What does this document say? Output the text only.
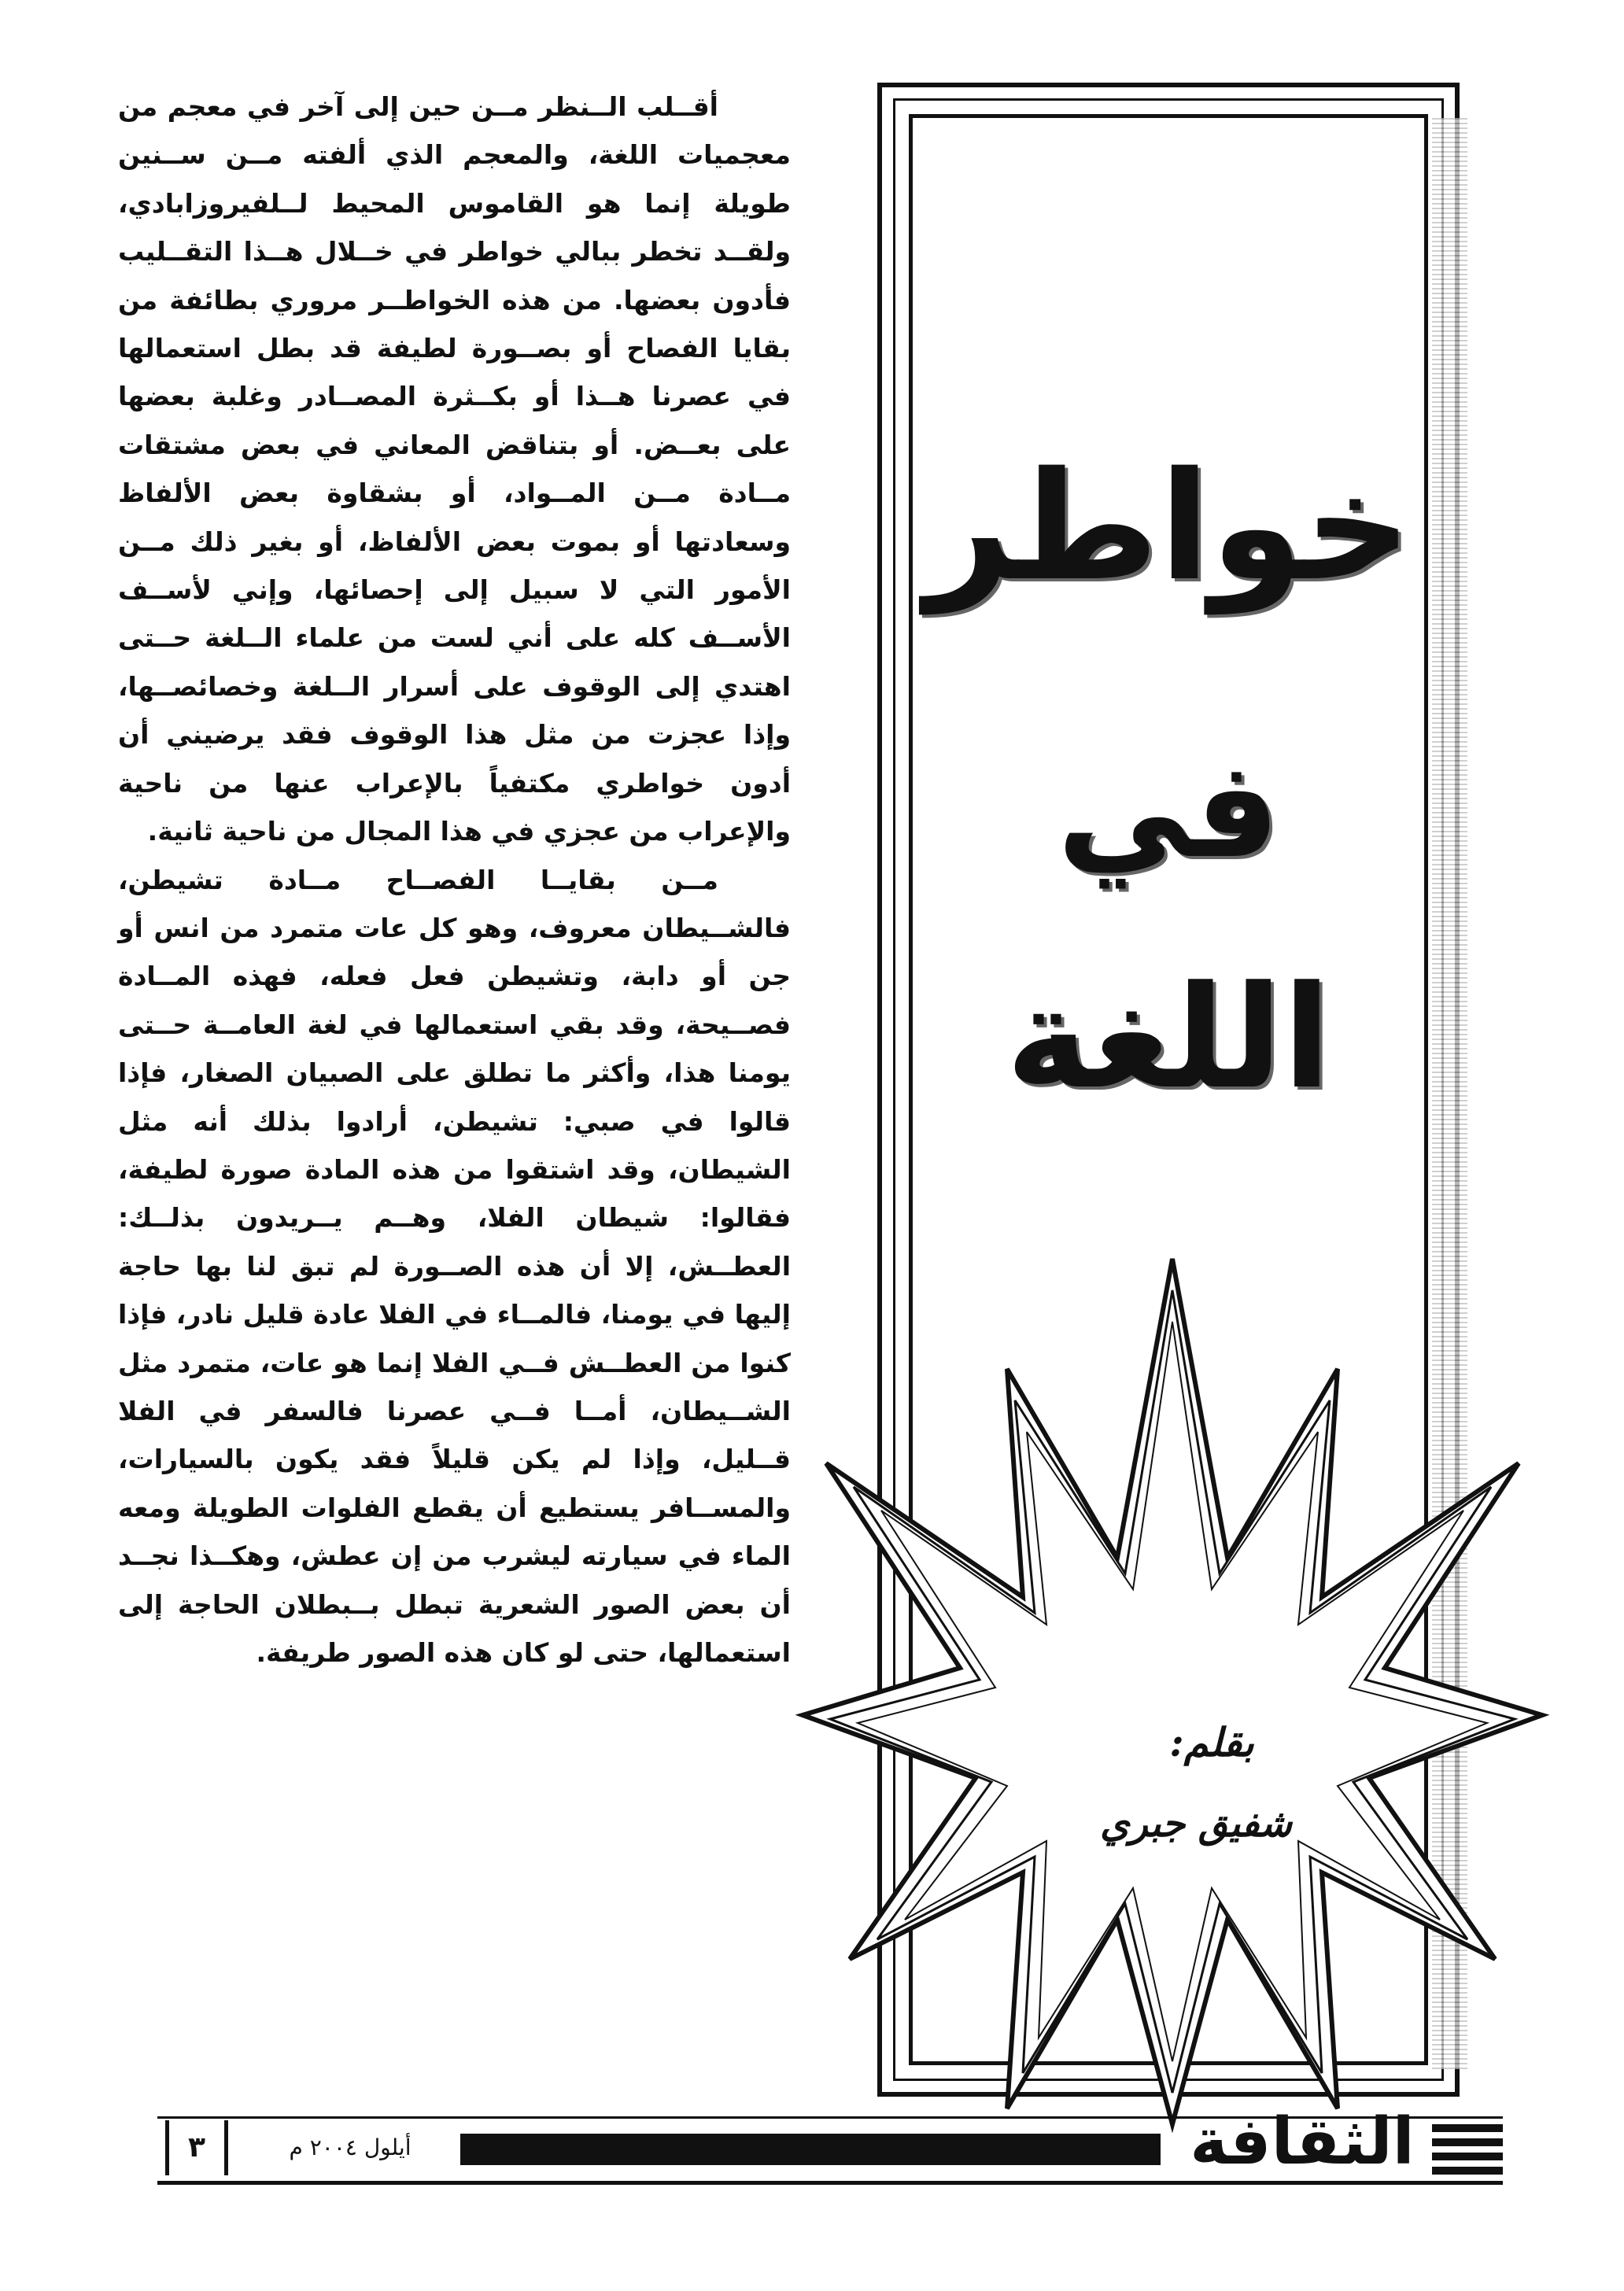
أقــلب الــنظر مــن حين إلى آخر في معجم من معجميات اللغة، والمعجم الذي ألفته مــن ســنين طويلة إنما هو القاموس المحيط لــلفيروزابادي، ولقــد تخطر ببالي خواطر في خــلال هــذا التقــليب فأدون بعضها. من هذه الخواطــر مروري بطائفة من بقايا الفصاح أو بصــورة لطيفة قد بطل استعمالها في عصرنا هــذا أو بكــثرة المصــادر وغلبة بعضها على بعــض. أو بتناقض المعاني في بعض مشتقات مــادة مــن المــواد، أو بشقاوة بعض الألفاظ وسعادتها أو بموت بعض الألفاظ، أو بغير ذلك مــن الأمور التي لا سبيل إلى إحصائها، وإني لأســف الأســف كله على أني لست من علماء الــلغة حــتى اهتدي إلى الوقوف على أسرار الــلغة وخصائصــها، وإذا عجزت من مثل هذا الوقوف فقد يرضيني أن أدون خواطري مكتفياً بالإعراب عنها من ناحية والإعراب من عجزي في هذا المجال من ناحية ثانية.

مــن بقايــا الفصــاح مــادة تشيطن، فالشــيطان معروف، وهو كل عات متمرد من انس أو جن أو دابة، وتشيطن فعل فعله، فهذه المــادة فصــيحة، وقد بقي استعمالها في لغة العامــة حــتى يومنا هذا، وأكثر ما تطلق على الصبيان الصغار، فإذا قالوا في صبي: تشيطن، أرادوا بذلك أنه مثل الشيطان، وقد اشتقوا من هذه المادة صورة لطيفة، فقالوا: شيطان الفلا، وهــم يــريدون بذلــك: العطــش، إلا أن هذه الصــورة لم تبق لنا بها حاجة إليها في يومنا، فالمــاء في الفلا عادة قليل نادر، فإذا كنوا من العطــش فــي الفلا إنما هو عات، متمرد مثل الشــيطان، أمــا فــي عصرنا فالسفر في الفلا قــليل، وإذا لم يكن قليلاً فقد يكون بالسيارات، والمســافر يستطيع أن يقطع الفلوات الطويلة ومعه الماء في سيارته ليشرب من إن عطش، وهكــذا نجــد أن بعض الصور الشعرية تبطل بــبطلان الحاجة إلى استعمالها، حتى لو كان هذه الصور طريفة.

خواطر
في
اللغة
بقلم:
شفيق جبري
٣	أيلول ٢٠٠٤ م	الثقافة
